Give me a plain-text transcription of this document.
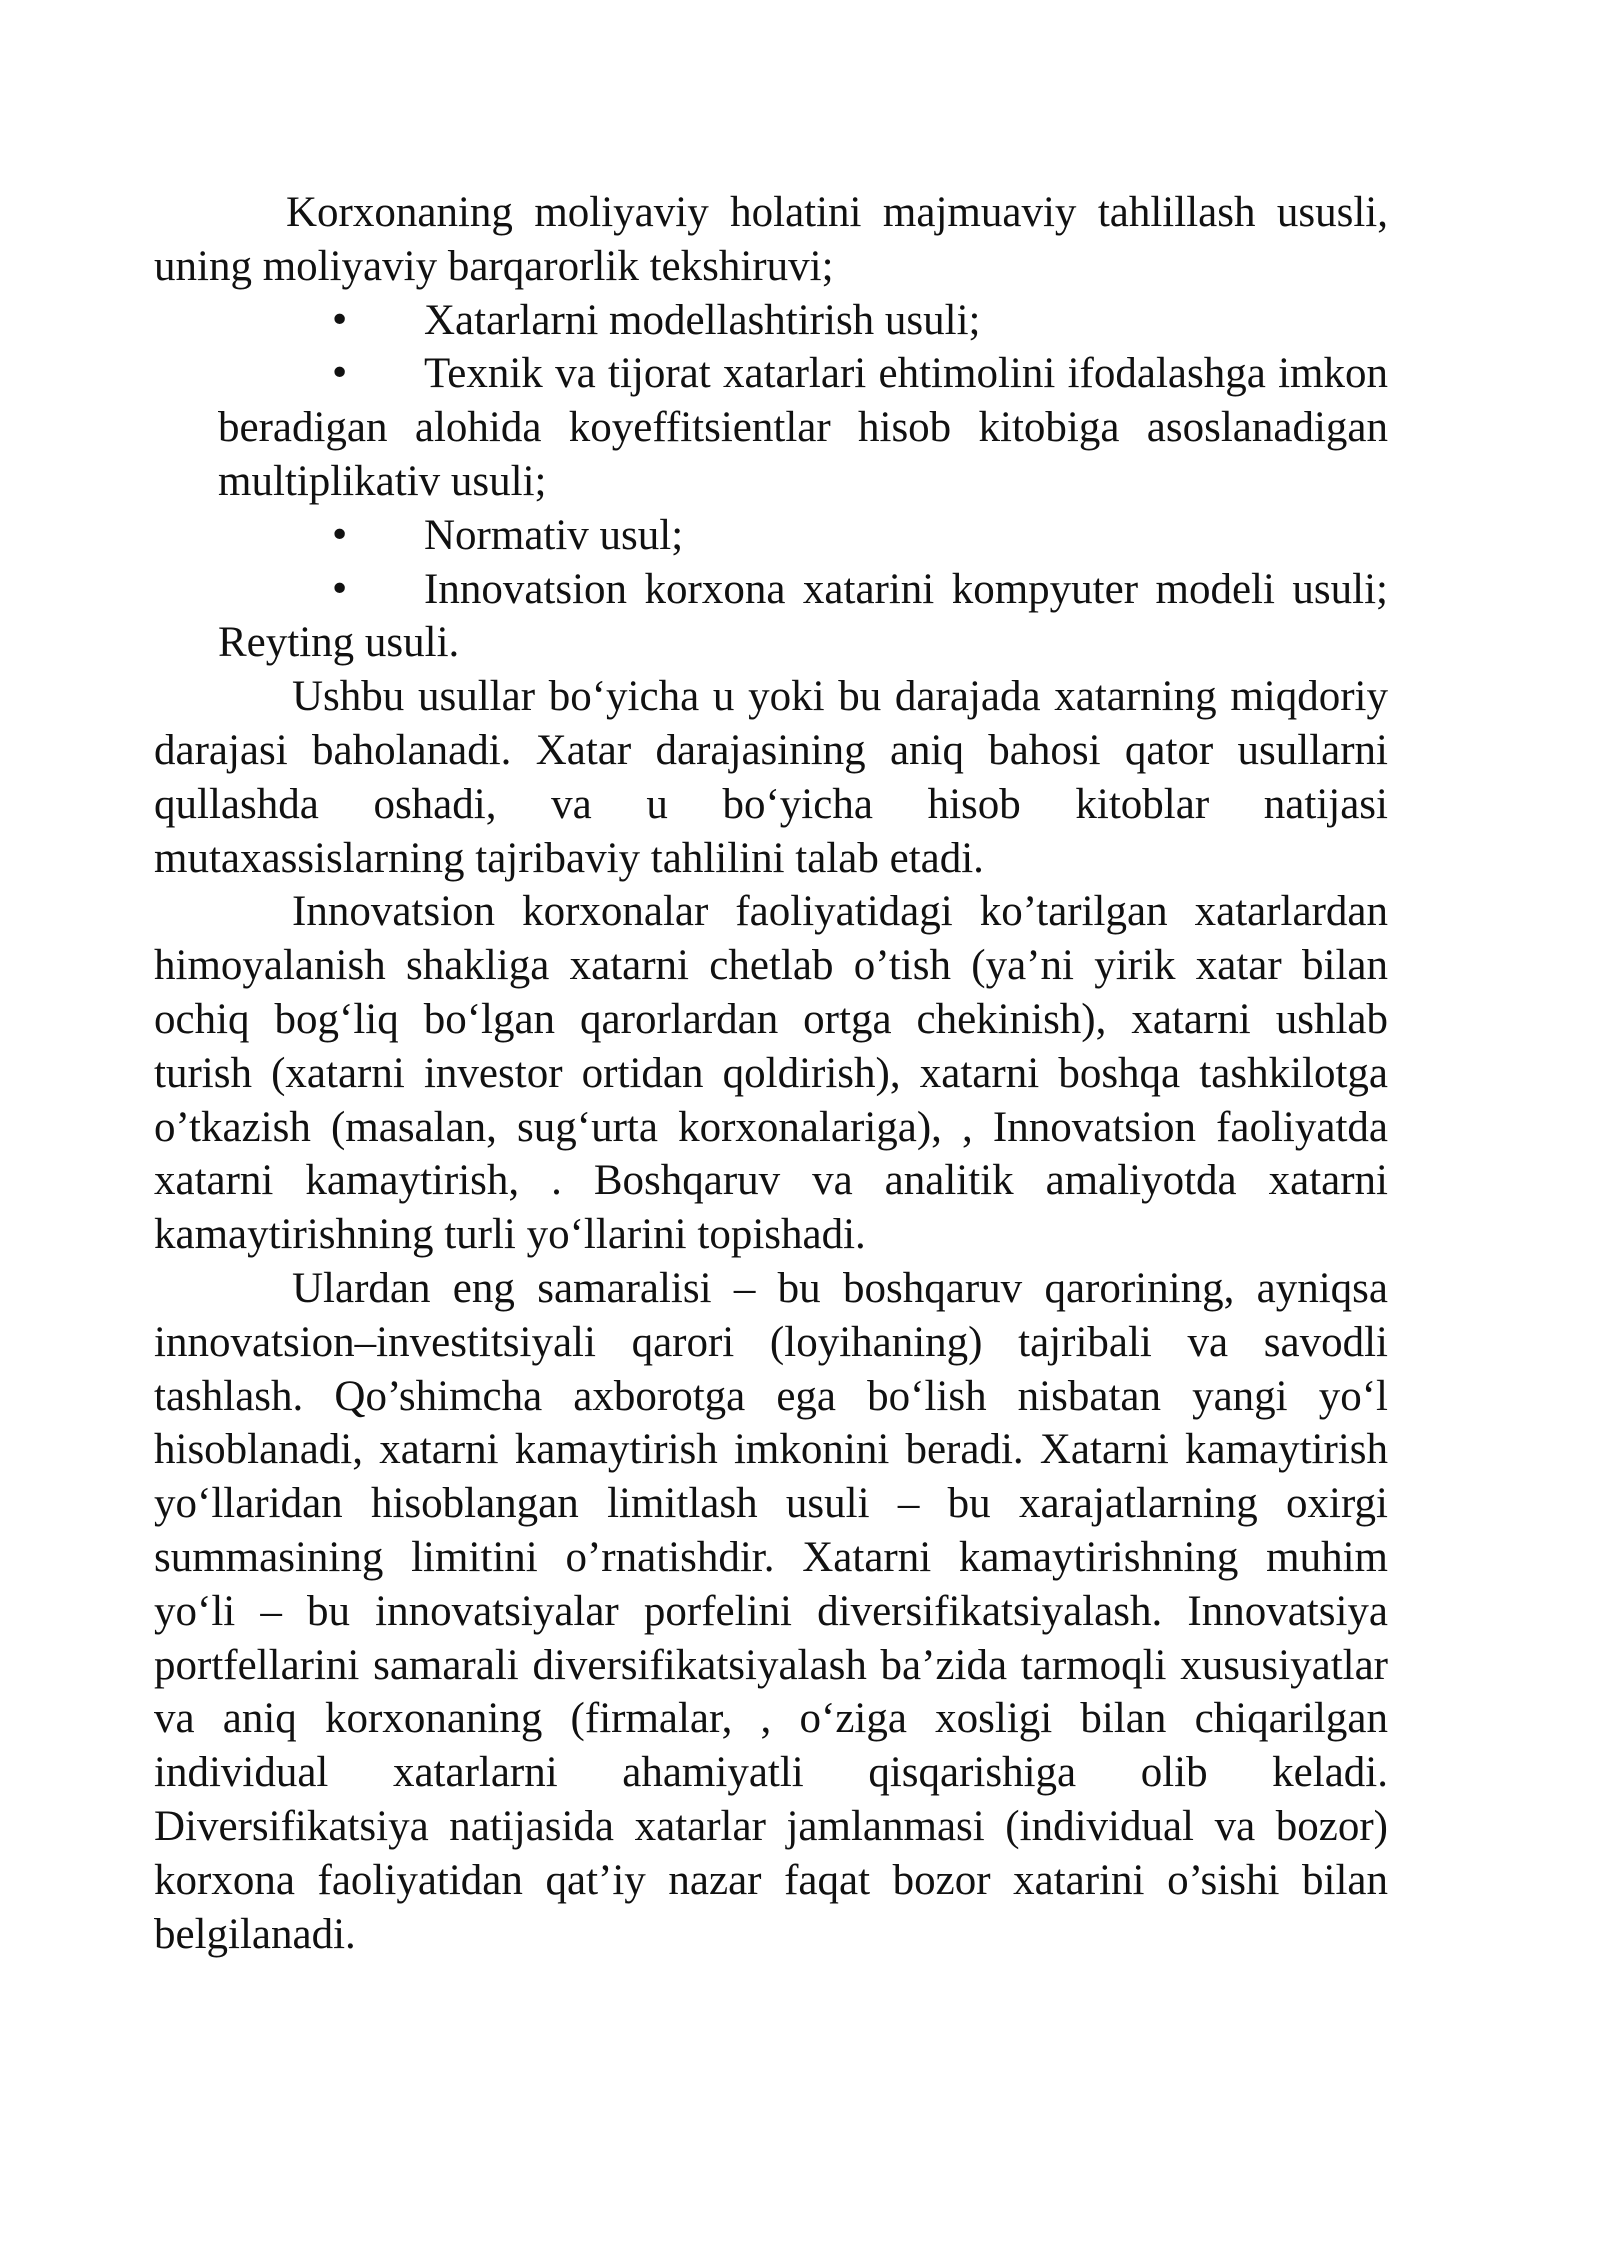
Korxonaning moliyaviy holatini majmuaviy tahlillash ususli, uning moliyaviy barqarorlik tekshiruvi;

• Xatarlarni modellashtirish usuli;
• Texnik va tijorat xatarlari ehtimolini ifodalashga imkon beradigan alohida koyeffitsientlar hisob kitobiga asoslanadigan multiplikativ usuli;
• Normativ usul;
• Innovatsion korxona xatarini kompyuter modeli usuli; Reyting usuli.

Ushbu usullar bo‘yicha u yoki bu darajada xatarning miqdoriy darajasi baholanadi. Xatar darajasining aniq bahosi qator usullarni qullashda oshadi, va u bo‘yicha hisob kitoblar natijasi mutaxassislarning tajribaviy tahlilini talab etadi.

Innovatsion korxonalar faoliyatidagi ko’tarilgan xatarlardan himoyalanish shakliga xatarni chetlab o’tish (ya’ni yirik xatar bilan ochiq bog‘liq bo‘lgan qarorlardan ortga chekinish), xatarni ushlab turish (xatarni investor ortidan qoldirish), xatarni boshqa tashkilotga o’tkazish (masalan, sug‘urta korxonalariga), , Innovatsion faoliyatda xatarni kamaytirish, . Boshqaruv va analitik amaliyotda xatarni kamaytirishning turli yo‘llarini topishadi.

Ulardan eng samaralisi – bu boshqaruv qarorining, ayniqsa innovatsion–investitsiyali qarori (loyihaning) tajribali va savodli tashlash. Qo’shimcha axborotga ega bo‘lish nisbatan yangi yo‘l hisoblanadi, xatarni kamaytirish imkonini beradi. Xatarni kamaytirish yo‘llaridan hisoblangan limitlash usuli – bu xarajatlarning oxirgi summasining limitini o’rnatishdir. Xatarni kamaytirishning muhim yo‘li – bu innovatsiyalar porfelini diversifikatsiyalash. Innovatsiya portfellarini samarali diversifikatsiyalash ba’zida tarmoqli xususiyatlar va aniq korxonaning (firmalar, , o‘ziga xosligi bilan chiqarilgan individual xatarlarni ahamiyatli qisqarishiga olib keladi. Diversifikatsiya natijasida xatarlar jamlanmasi (individual va bozor) korxona faoliyatidan qat’iy nazar faqat bozor xatarini o’sishi bilan belgilanadi.
